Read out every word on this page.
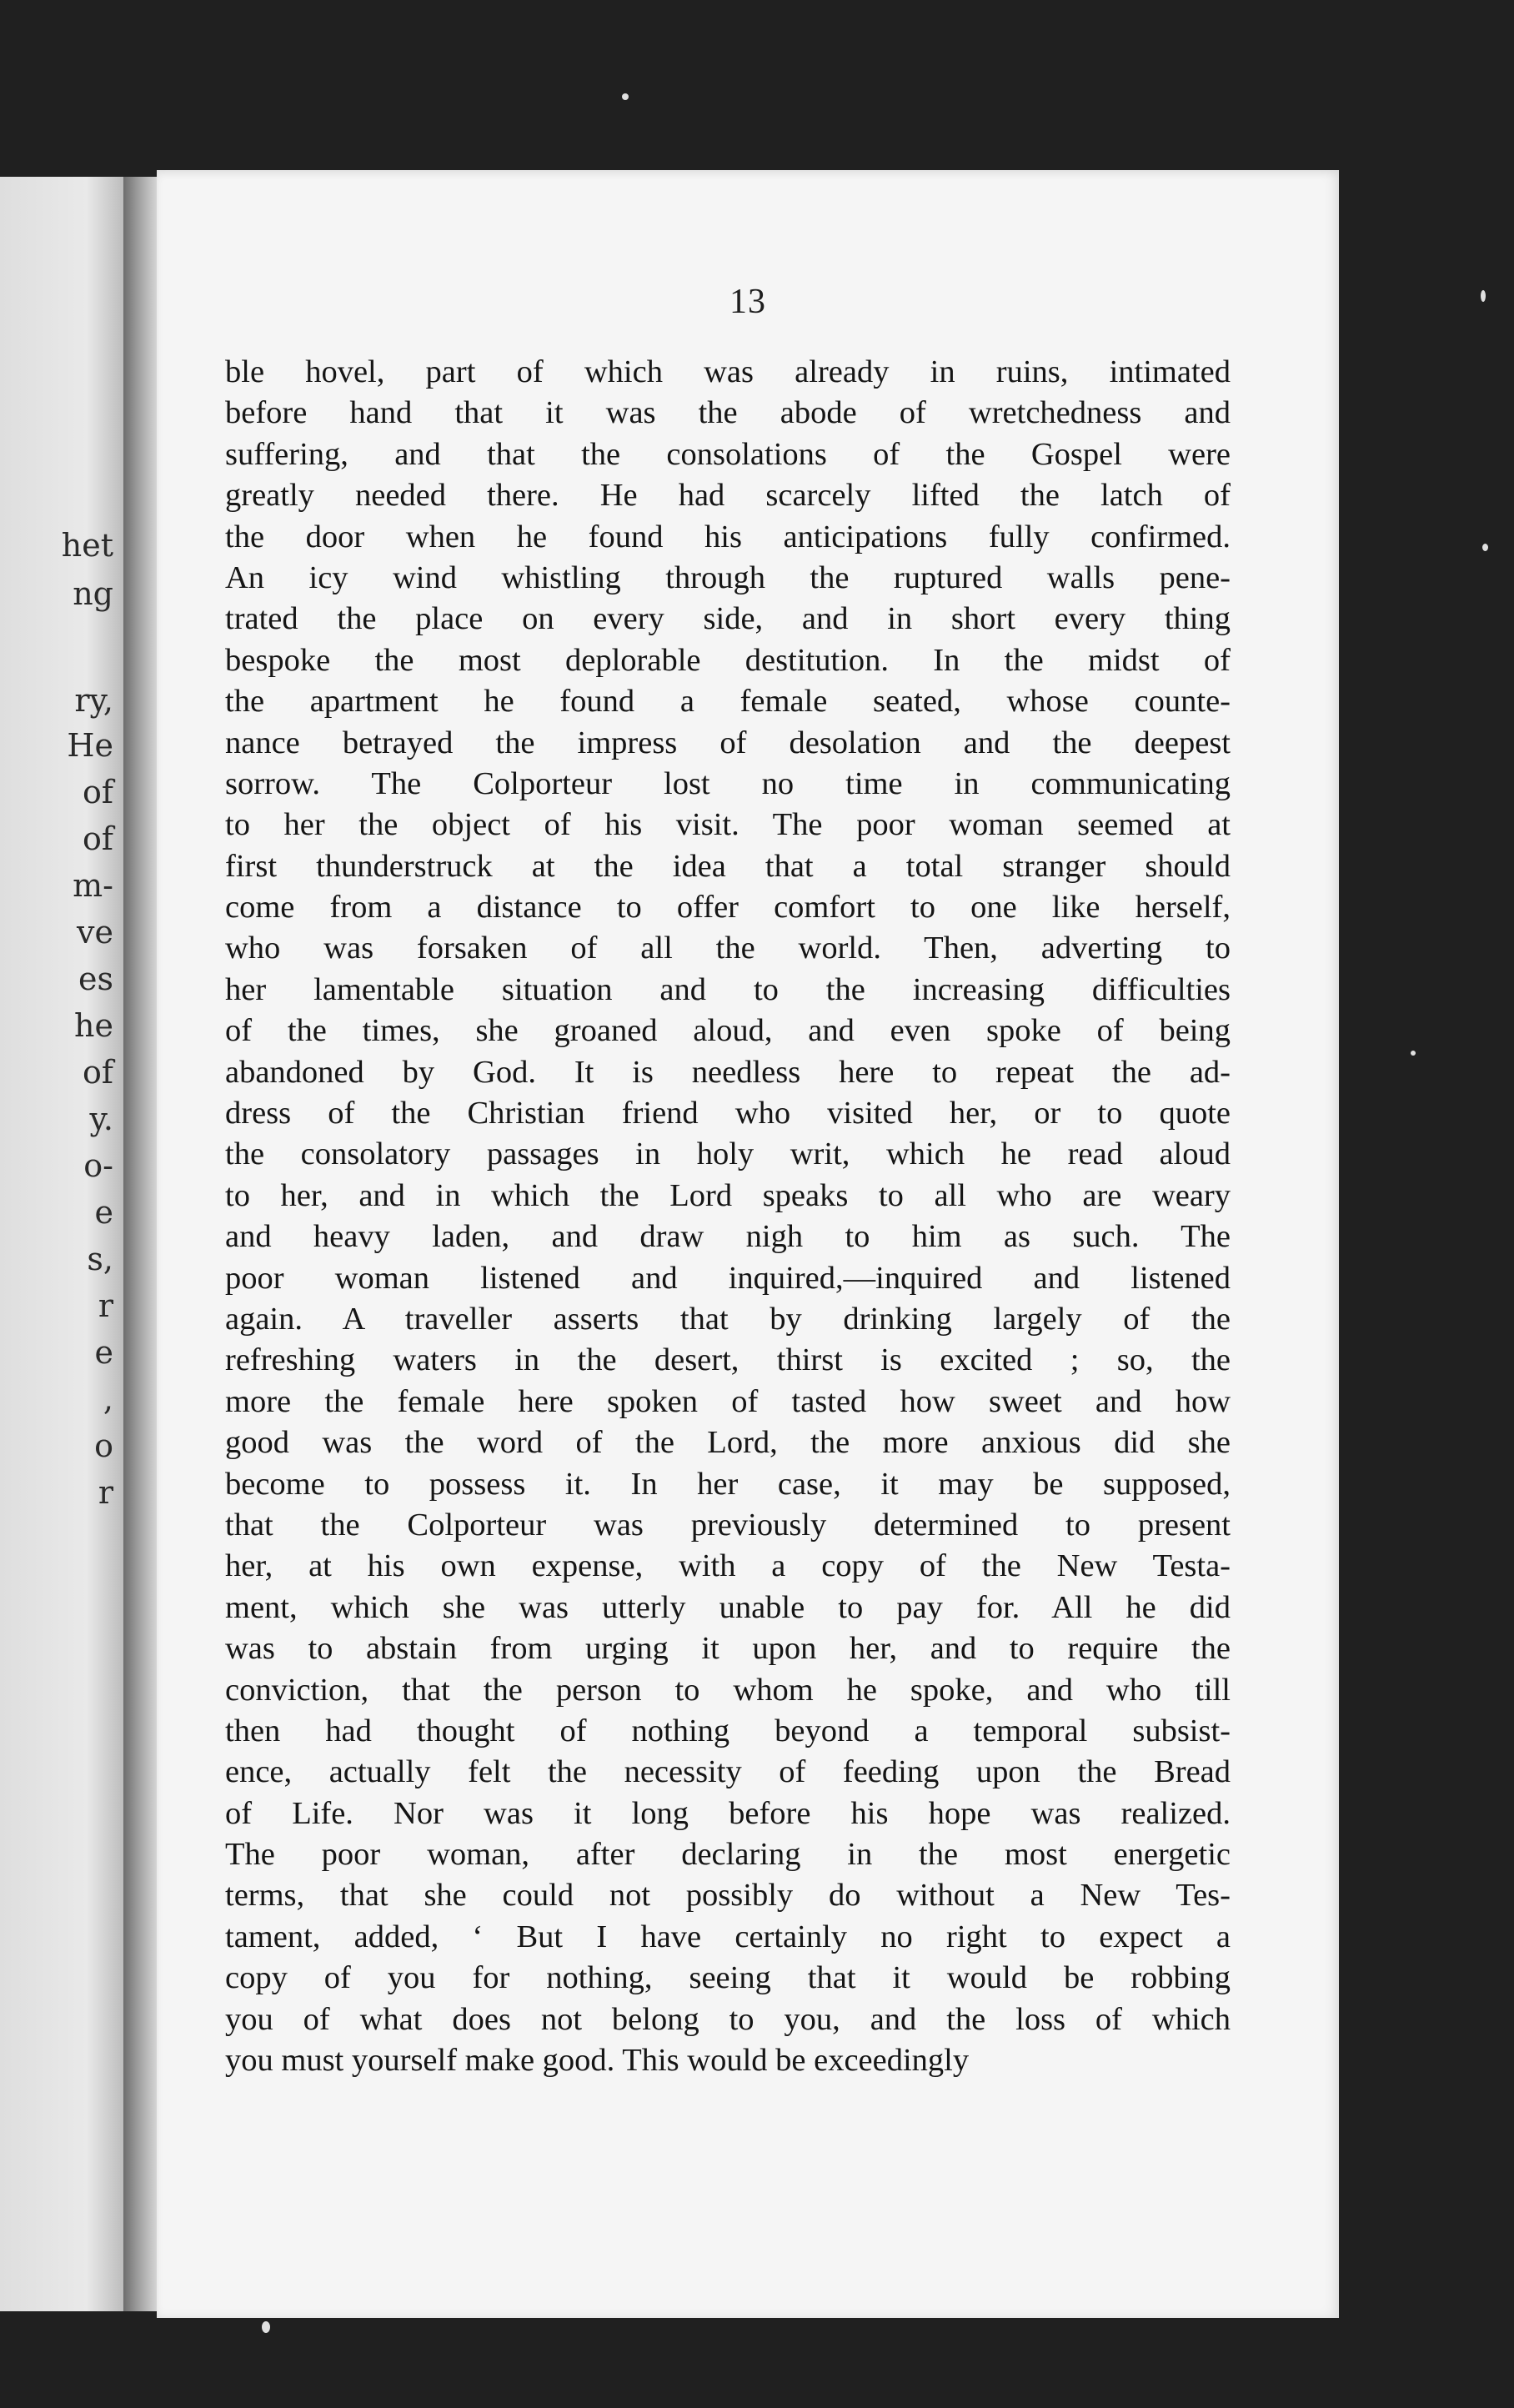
het
ng
ry,
He
of
of
m-
ve
es
he
of
y.
o-
e
s,
r
e
,
o
r
13
ble hovel, part of which was already in ruins, intimated
before hand that it was the abode of wretchedness and
suffering, and that the consolations of the Gospel were
greatly needed there. He had scarcely lifted the latch of
the door when he found his anticipations fully confirmed.
An icy wind whistling through the ruptured walls pene-
trated the place on every side, and in short every thing
bespoke the most deplorable destitution. In the midst of
the apartment he found a female seated, whose counte-
nance betrayed the impress of desolation and the deepest
sorrow. The Colporteur lost no time in communicating
to her the object of his visit. The poor woman seemed at
first thunderstruck at the idea that a total stranger should
come from a distance to offer comfort to one like herself,
who was forsaken of all the world. Then, adverting to
her lamentable situation and to the increasing difficulties
of the times, she groaned aloud, and even spoke of being
abandoned by God. It is needless here to repeat the ad-
dress of the Christian friend who visited her, or to quote
the consolatory passages in holy writ, which he read aloud
to her, and in which the Lord speaks to all who are weary
and heavy laden, and draw nigh to him as such. The
poor woman listened and inquired,—inquired and listened
again. A traveller asserts that by drinking largely of the
refreshing waters in the desert, thirst is excited ; so, the
more the female here spoken of tasted how sweet and how
good was the word of the Lord, the more anxious did she
become to possess it. In her case, it may be supposed,
that the Colporteur was previously determined to present
her, at his own expense, with a copy of the New Testa-
ment, which she was utterly unable to pay for. All he did
was to abstain from urging it upon her, and to require the
conviction, that the person to whom he spoke, and who till
then had thought of nothing beyond a temporal subsist-
ence, actually felt the necessity of feeding upon the Bread
of Life. Nor was it long before his hope was realized.
The poor woman, after declaring in the most energetic
terms, that she could not possibly do without a New Tes-
tament, added, ‘ But I have certainly no right to expect a
copy of you for nothing, seeing that it would be robbing
you of what does not belong to you, and the loss of which
you must yourself make good. This would be exceedingly
